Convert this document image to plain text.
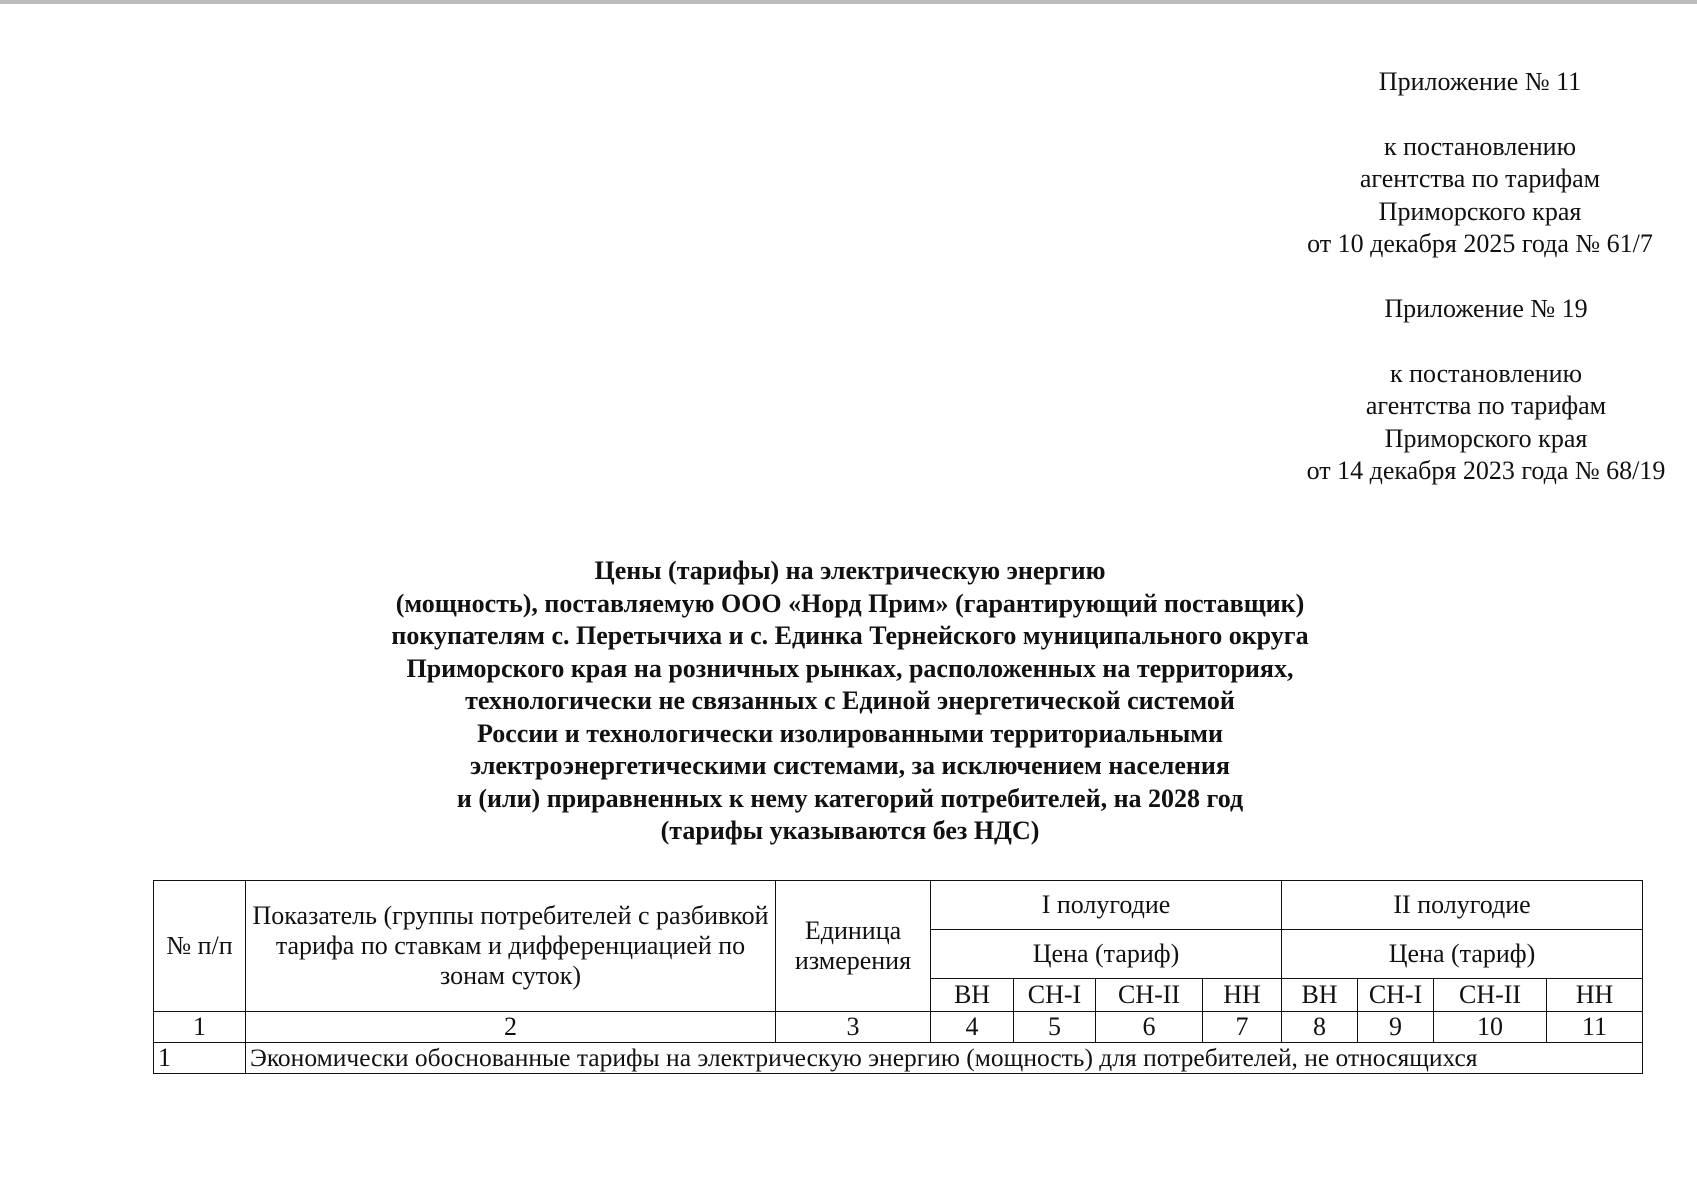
Приложение № 11
к постановлению
агентства по тарифам
Приморского края
от 10 декабря 2025 года № 61/7
Приложение № 19
к постановлению
агентства по тарифам
Приморского края
от 14 декабря 2023 года № 68/19
Цены (тарифы) на электрическую энергию
(мощность), поставляемую ООО «Норд Прим» (гарантирующий поставщик)
покупателям с. Перетычиха и с. Единка Тернейского муниципального округа
Приморского края на розничных рынках, расположенных на территориях,
технологически не связанных с Единой энергетической системой
России и технологически изолированными территориальными
электроэнергетическими системами, за исключением населения
и (или) приравненных к нему категорий потребителей, на 2028 год
(тарифы указываются без НДС)
№ п/п	Показатель (группы потребителей с разбивкой тарифа по ставкам и дифференциацией по зонам суток)	Единица измерения	I полугодие				II полугодие			
			Цена (тариф)				Цена (тариф)			
			ВН	СН-I	СН-II	НН	ВН	СН-I	СН-II	НН
1	2	3	4	5	6	7	8	9	10	11
1	Экономически обоснованные тарифы на электрическую энергию (мощность) для потребителей, не относящихся									
